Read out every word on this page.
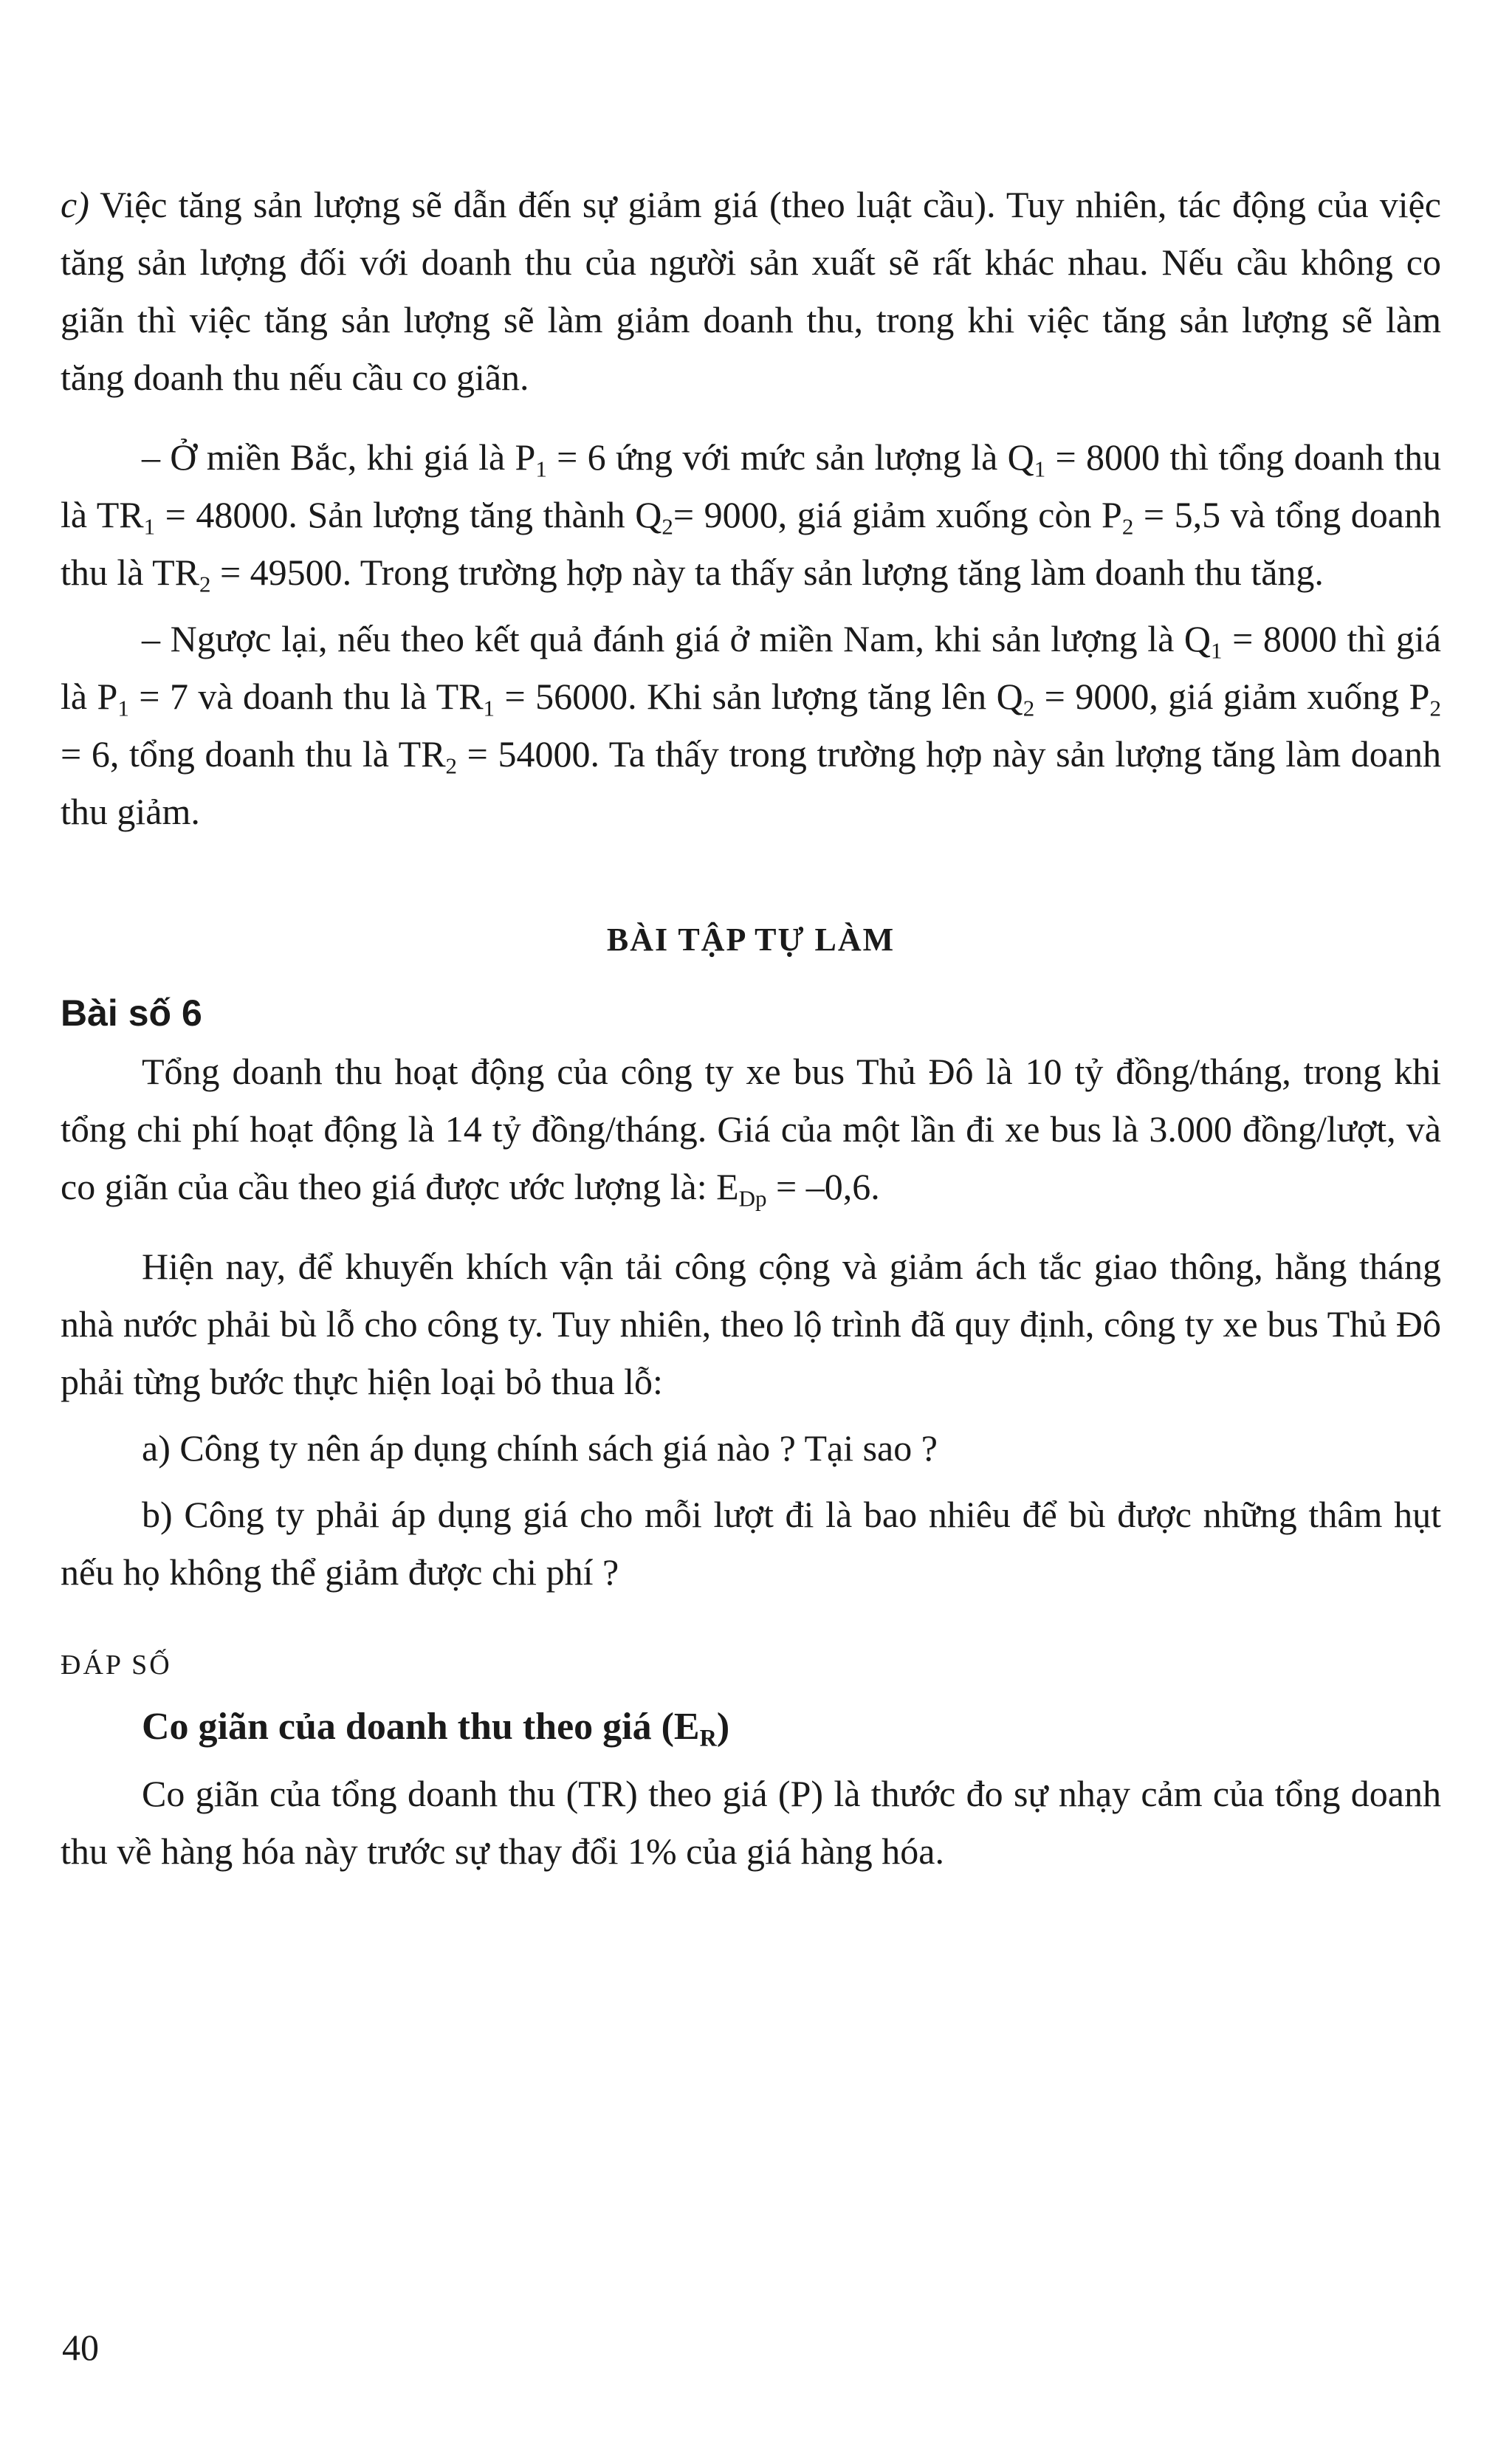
c) Việc tăng sản lượng sẽ dẫn đến sự giảm giá (theo luật cầu). Tuy nhiên, tác động của việc tăng sản lượng đối với doanh thu của người sản xuất sẽ rất khác nhau. Nếu cầu không co giãn thì việc tăng sản lượng sẽ làm giảm doanh thu, trong khi việc tăng sản lượng sẽ làm tăng doanh thu nếu cầu co giãn.

– Ở miền Bắc, khi giá là $P_1 = 6$ ứng với mức sản lượng là $Q_1 = 8000$ thì tổng doanh thu là $TR_1 = 48000$. Sản lượng tăng thành $Q_2= 9000$, giá giảm xuống còn $P_2 = 5,5$ và tổng doanh thu là $TR_2 = 49500$. Trong trường hợp này ta thấy sản lượng tăng làm doanh thu tăng.

– Ngược lại, nếu theo kết quả đánh giá ở miền Nam, khi sản lượng là $Q_1 = 8000$ thì giá là $P_1 = 7$ và doanh thu là $TR_1 = 56000$. Khi sản lượng tăng lên $Q_2 = 9000$, giá giảm xuống $P_2 = 6$, tổng doanh thu là $TR_2 = 54000$. Ta thấy trong trường hợp này sản lượng tăng làm doanh thu giảm.

BÀI TẬP TỰ LÀM
Bài số 6

Tổng doanh thu hoạt động của công ty xe bus Thủ Đô là 10 tỷ đồng/tháng, trong khi tổng chi phí hoạt động là 14 tỷ đồng/tháng. Giá của một lần đi xe bus là 3.000 đồng/lượt, và co giãn của cầu theo giá được ước lượng là: $E_{Dp} = -0,6$.

Hiện nay, để khuyến khích vận tải công cộng và giảm ách tắc giao thông, hằng tháng nhà nước phải bù lỗ cho công ty. Tuy nhiên, theo lộ trình đã quy định, công ty xe bus Thủ Đô phải từng bước thực hiện loại bỏ thua lỗ:

a) Công ty nên áp dụng chính sách giá nào ? Tại sao ?

b) Công ty phải áp dụng giá cho mỗi lượt đi là bao nhiêu để bù được những thâm hụt nếu họ không thể giảm được chi phí ?

ĐÁP SỐ

Co giãn của doanh thu theo giá $(E_R)$

Co giãn của tổng doanh thu (TR) theo giá (P) là thước đo sự nhạy cảm của tổng doanh thu về hàng hóa này trước sự thay đổi 1% của giá hàng hóa.

40
